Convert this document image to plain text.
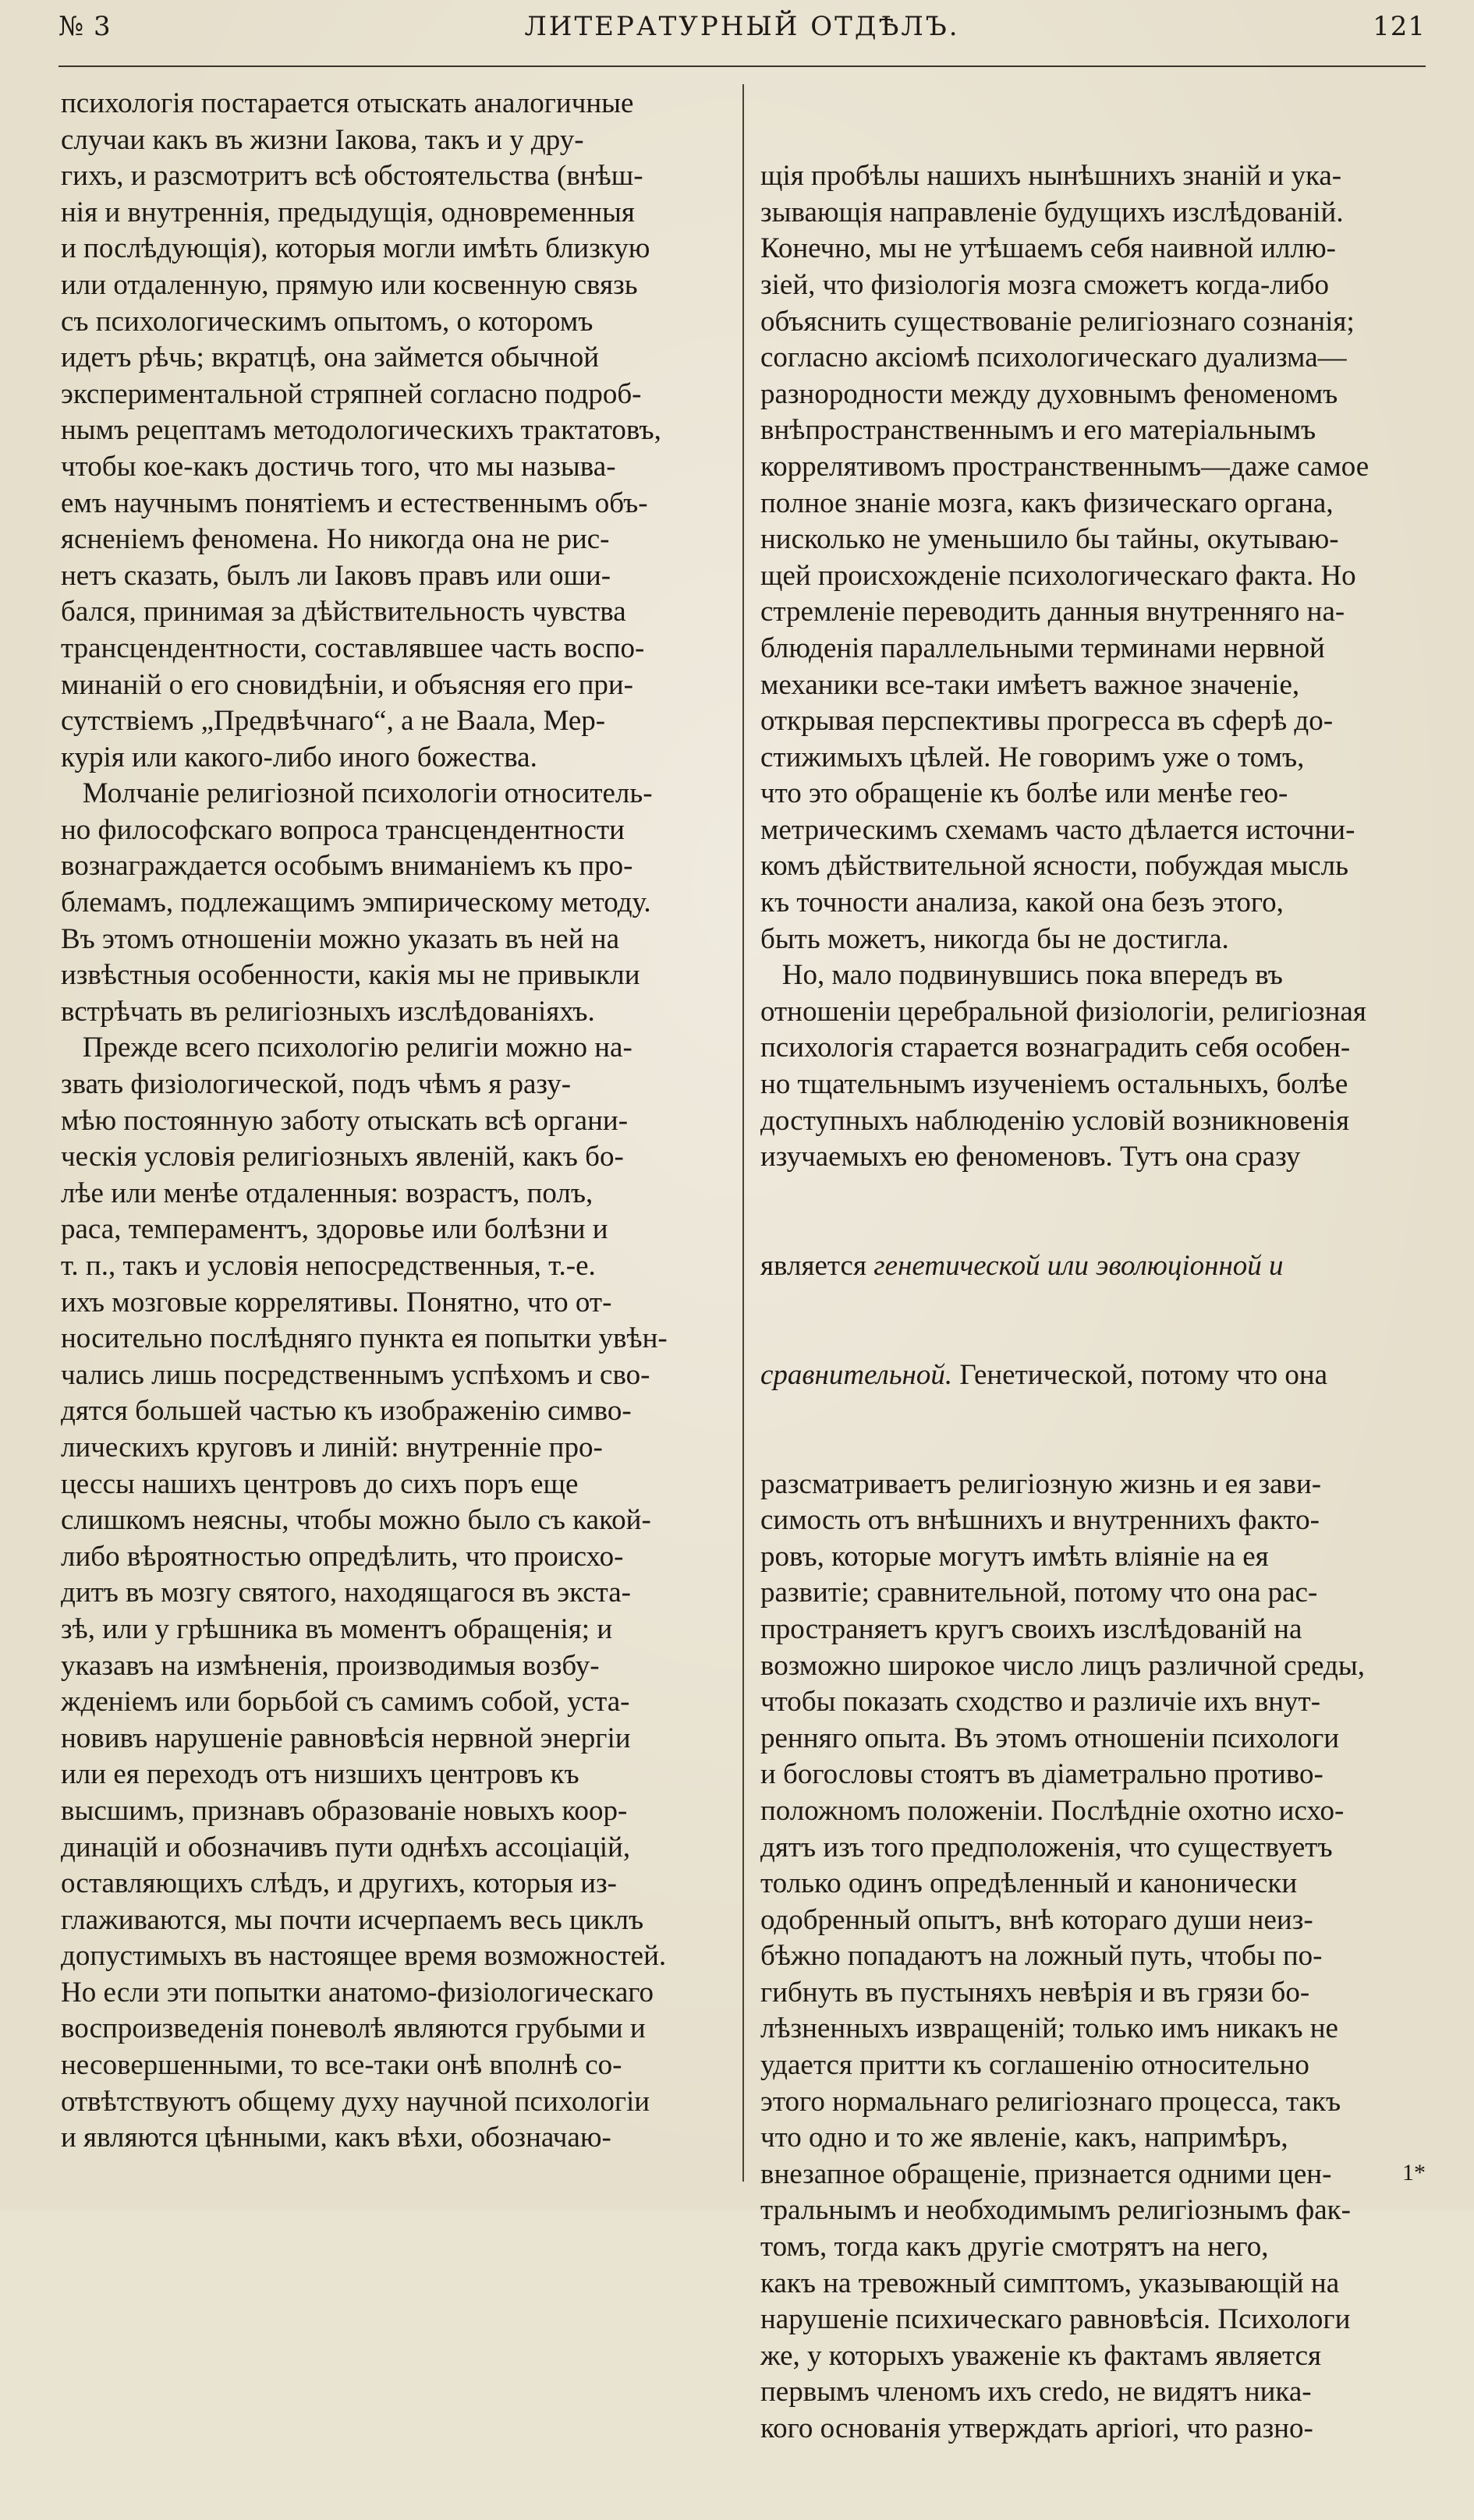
№ 3	ЛИТЕРАТУРНЫЙ ОТДѢЛЪ.	121
психологія постарается отыскать аналогичные
случаи какъ въ жизни Іакова, такъ и у дру-
гихъ, и разсмотритъ всѣ обстоятельства (внѣш-
нія и внутреннія, предыдущія, одновременныя
и послѣдующія), которыя могли имѣть близкую
или отдаленную, прямую или косвенную связь
съ психологическимъ опытомъ, о которомъ
идетъ рѣчь; вкратцѣ, она займется обычной
экспериментальной стряпней согласно подроб-
нымъ рецептамъ методологическихъ трактатовъ,
чтобы кое-какъ достичь того, что мы называ-
емъ научнымъ понятіемъ и естественнымъ объ-
ясненіемъ феномена. Но никогда она не рис-
нетъ сказать, былъ ли Іаковъ правъ или оши-
бался, принимая за дѣйствительность чувства
трансцендентности, составлявшее часть воспо-
минаній о его сновидѣніи, и объясняя его при-
сутствіемъ „Предвѣчнаго“, а не Ваала, Мер-
курія или какого-либо иного божества.
Молчаніе религіозной психологіи относитель-
но философскаго вопроса трансцендентности
вознаграждается особымъ вниманіемъ къ про-
блемамъ, подлежащимъ эмпирическому методу.
Въ этомъ отношеніи можно указать въ ней на
извѣстныя особенности, какія мы не привыкли
встрѣчать въ религіозныхъ изслѣдованіяхъ.
Прежде всего психологію религіи можно на-
звать физіологической, подъ чѣмъ я разу-
мѣю постоянную заботу отыскать всѣ органи-
ческія условія религіозныхъ явленій, какъ бо-
лѣе или менѣе отдаленныя: возрастъ, полъ,
раса, темпераментъ, здоровье или болѣзни и
т. п., такъ и условія непосредственныя, т.-е.
ихъ мозговые коррелятивы. Понятно, что от-
носительно послѣдняго пункта ея попытки увѣн-
чались лишь посредственнымъ успѣхомъ и сво-
дятся большей частью къ изображенію симво-
лическихъ круговъ и линій: внутренніе про-
цессы нашихъ центровъ до сихъ поръ еще
слишкомъ неясны, чтобы можно было съ какой-
либо вѣроятностью опредѣлить, что происхо-
дитъ въ мозгу святого, находящагося въ экста-
зѣ, или у грѣшника въ моментъ обращенія; и
указавъ на измѣненія, производимыя возбу-
жденіемъ или борьбой съ самимъ собой, уста-
новивъ нарушеніе равновѣсія нервной энергіи
или ея переходъ отъ низшихъ центровъ къ
высшимъ, признавъ образованіе новыхъ коор-
динацій и обозначивъ пути однѣхъ ассоціацій,
оставляющихъ слѣдъ, и другихъ, которыя из-
глаживаются, мы почти исчерпаемъ весь циклъ
допустимыхъ въ настоящее время возможностей.
Но если эти попытки анатомо-физіологическаго
воспроизведенія поневолѣ являются грубыми и
несовершенными, то все-таки онѣ вполнѣ со-
отвѣтствуютъ общему духу научной психологіи
и являются цѣнными, какъ вѣхи, обозначаю-

щія пробѣлы нашихъ нынѣшнихъ знаній и ука-
зывающія направленіе будущихъ изслѣдованій.
Конечно, мы не утѣшаемъ себя наивной иллю-
зіей, что физіологія мозга сможетъ когда-либо
объяснить существованіе религіознаго сознанія;
согласно аксіомѣ психологическаго дуализма—
разнородности между духовнымъ феноменомъ
внѣпространственнымъ и его матеріальнымъ
коррелятивомъ пространственнымъ—даже самое
полное знаніе мозга, какъ физическаго органа,
нисколько не уменьшило бы тайны, окутываю-
щей происхожденіе психологическаго факта. Но
стремленіе переводить данныя внутренняго на-
блюденія параллельными терминами нервной
механики все-таки имѣетъ важное значеніе,
открывая перспективы прогресса въ сферѣ до-
стижимыхъ цѣлей. Не говоримъ уже о томъ,
что это обращеніе къ болѣе или менѣе гео-
метрическимъ схемамъ часто дѣлается источни-
комъ дѣйствительной ясности, побуждая мысль
къ точности анализа, какой она безъ этого,
быть можетъ, никогда бы не достигла.
Но, мало подвинувшись пока впередъ въ
отношеніи церебральной физіологіи, религіозная
психологія старается вознаградить себя особен-
но тщательнымъ изученіемъ остальныхъ, болѣе
доступныхъ наблюденію условій возникновенія
изучаемыхъ ею феноменовъ. Тутъ она сразу

является генетической или эволюціонной и

сравнительной. Генетической, потому что она

разсматриваетъ религіозную жизнь и ея зави-
симость отъ внѣшнихъ и внутреннихъ факто-
ровъ, которые могутъ имѣть вліяніе на ея
развитіе; сравнительной, потому что она рас-
пространяетъ кругъ своихъ изслѣдованій на
возможно широкое число лицъ различной среды,
чтобы показать сходство и различіе ихъ внут-
ренняго опыта. Въ этомъ отношеніи психологи
и богословы стоятъ въ діаметрально противо-
положномъ положеніи. Послѣдніе охотно исхо-
дятъ изъ того предположенія, что существуетъ
только одинъ опредѣленный и канонически
одобренный опытъ, внѣ котораго души неиз-
бѣжно попадаютъ на ложный путь, чтобы по-
гибнуть въ пустыняхъ невѣрія и въ грязи бо-
лѣзненныхъ извращеній; только имъ никакъ не
удается притти къ соглашенію относительно
этого нормальнаго религіознаго процесса, такъ
что одно и то же явленіе, какъ, напримѣръ,
внезапное обращеніе, признается одними цен-
тральнымъ и необходимымъ религіознымъ фак-
томъ, тогда какъ другіе смотрятъ на него,
какъ на тревожный симптомъ, указывающій на
нарушеніе психическаго равновѣсія. Психологи
же, у которыхъ уваженіе къ фактамъ является
первымъ членомъ ихъ credo, не видятъ ника-
кого основанія утверждать apriori, что разно-

1*
